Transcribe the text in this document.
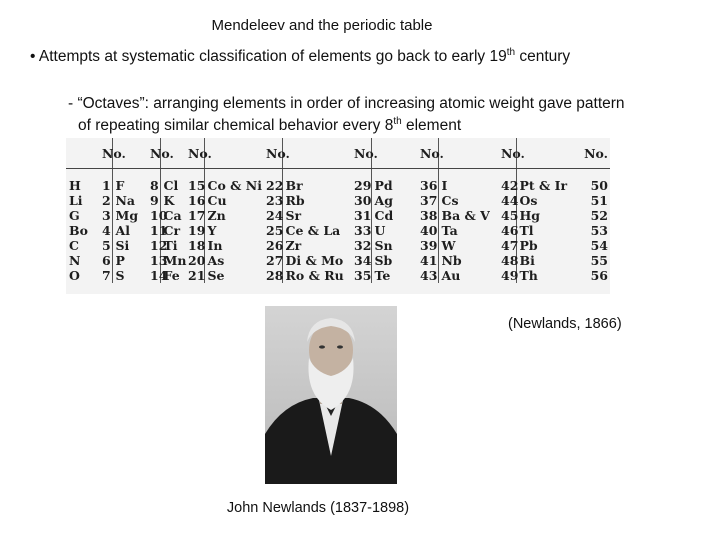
Mendeleev and the periodic table
• Attempts at systematic classification of elements go back to early 19th century
- “Octaves”: arranging elements in order of increasing atomic weight gave pattern
of repeating similar chemical behavior every 8th element
	No.		No.		No.		No.		No.		No.		No.		No.

H	1	F	8	Cl	15	Co & Ni	22	Br	29	Pd	36	I	42	Pt & Ir	50
Li	2	Na	9	K	16	Cu	23	Rb	30	Ag	37	Cs	44	Os	51
G	3	Mg	10	Ca	17	Zn	24	Sr	31	Cd	38	Ba & V	45	Hg	52
Bo	4	Al	11	Cr	19	Y	25	Ce & La	33	U	40	Ta	46	Tl	53
C	5	Si	12	Ti	18	In	26	Zr	32	Sn	39	W	47	Pb	54
N	6	P	13	Mn	20	As	27	Di & Mo	34	Sb	41	Nb	48	Bi	55
O	7	S	14	Fe	21	Se	28	Ro & Ru	35	Te	43	Au	49	Th	56
(Newlands, 1866)
John Newlands (1837-1898)
